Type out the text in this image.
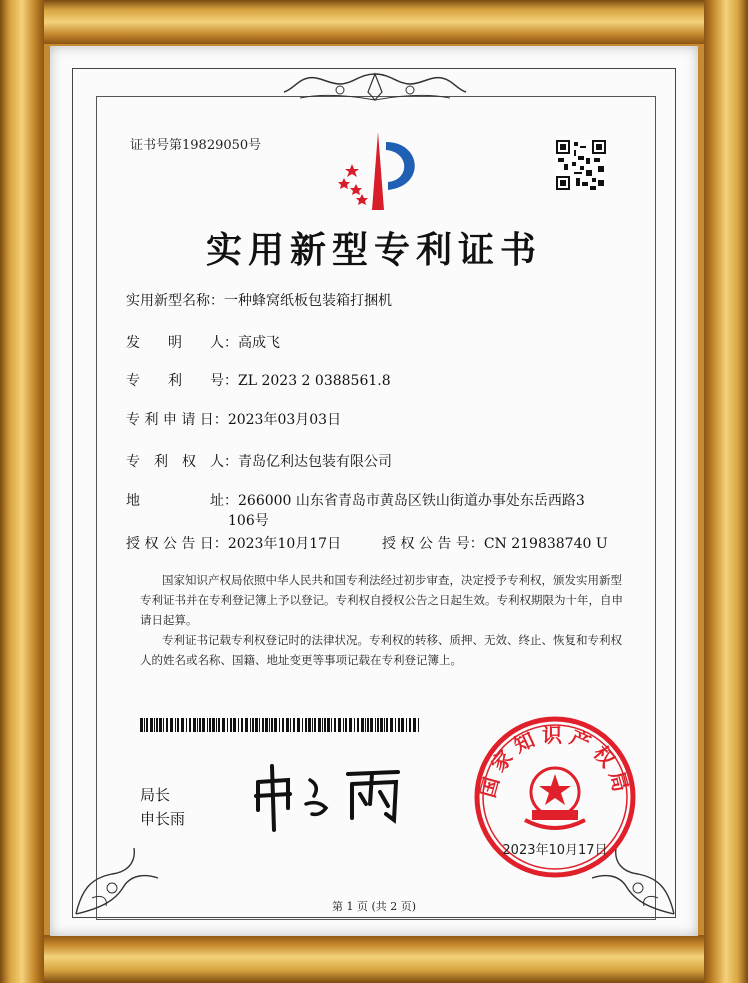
证书号第19829050号
实用新型专利证书
实用新型名称：一种蜂窝纸板包装箱打捆机
发　　明　　人：高成飞
专　　利　　号：ZL 2023 2 0388561.8
专 利 申 请 日：2023年03月03日
专　利　权　人：青岛亿利达包装有限公司
地　　　　　址：266000 山东省青岛市黄岛区铁山街道办事处东岳西路3
106号
授 权 公 告 日：2023年10月17日	授 权 公 告 号：CN 219838740 U
国家知识产权局依照中华人民共和国专利法经过初步审查，决定授予专利权，颁发实用新型
专利证书并在专利登记簿上予以登记。专利权自授权公告之日起生效。专利权期限为十年，自申
请日起算。
专利证书记载专利权登记时的法律状况。专利权的转移、质押、无效、终止、恢复和专利权
人的姓名或名称、国籍、地址变更等事项记载在专利登记簿上。
局长
申长雨
国家知识产权局
2023年10月17日
第 1 页 (共 2 页)
